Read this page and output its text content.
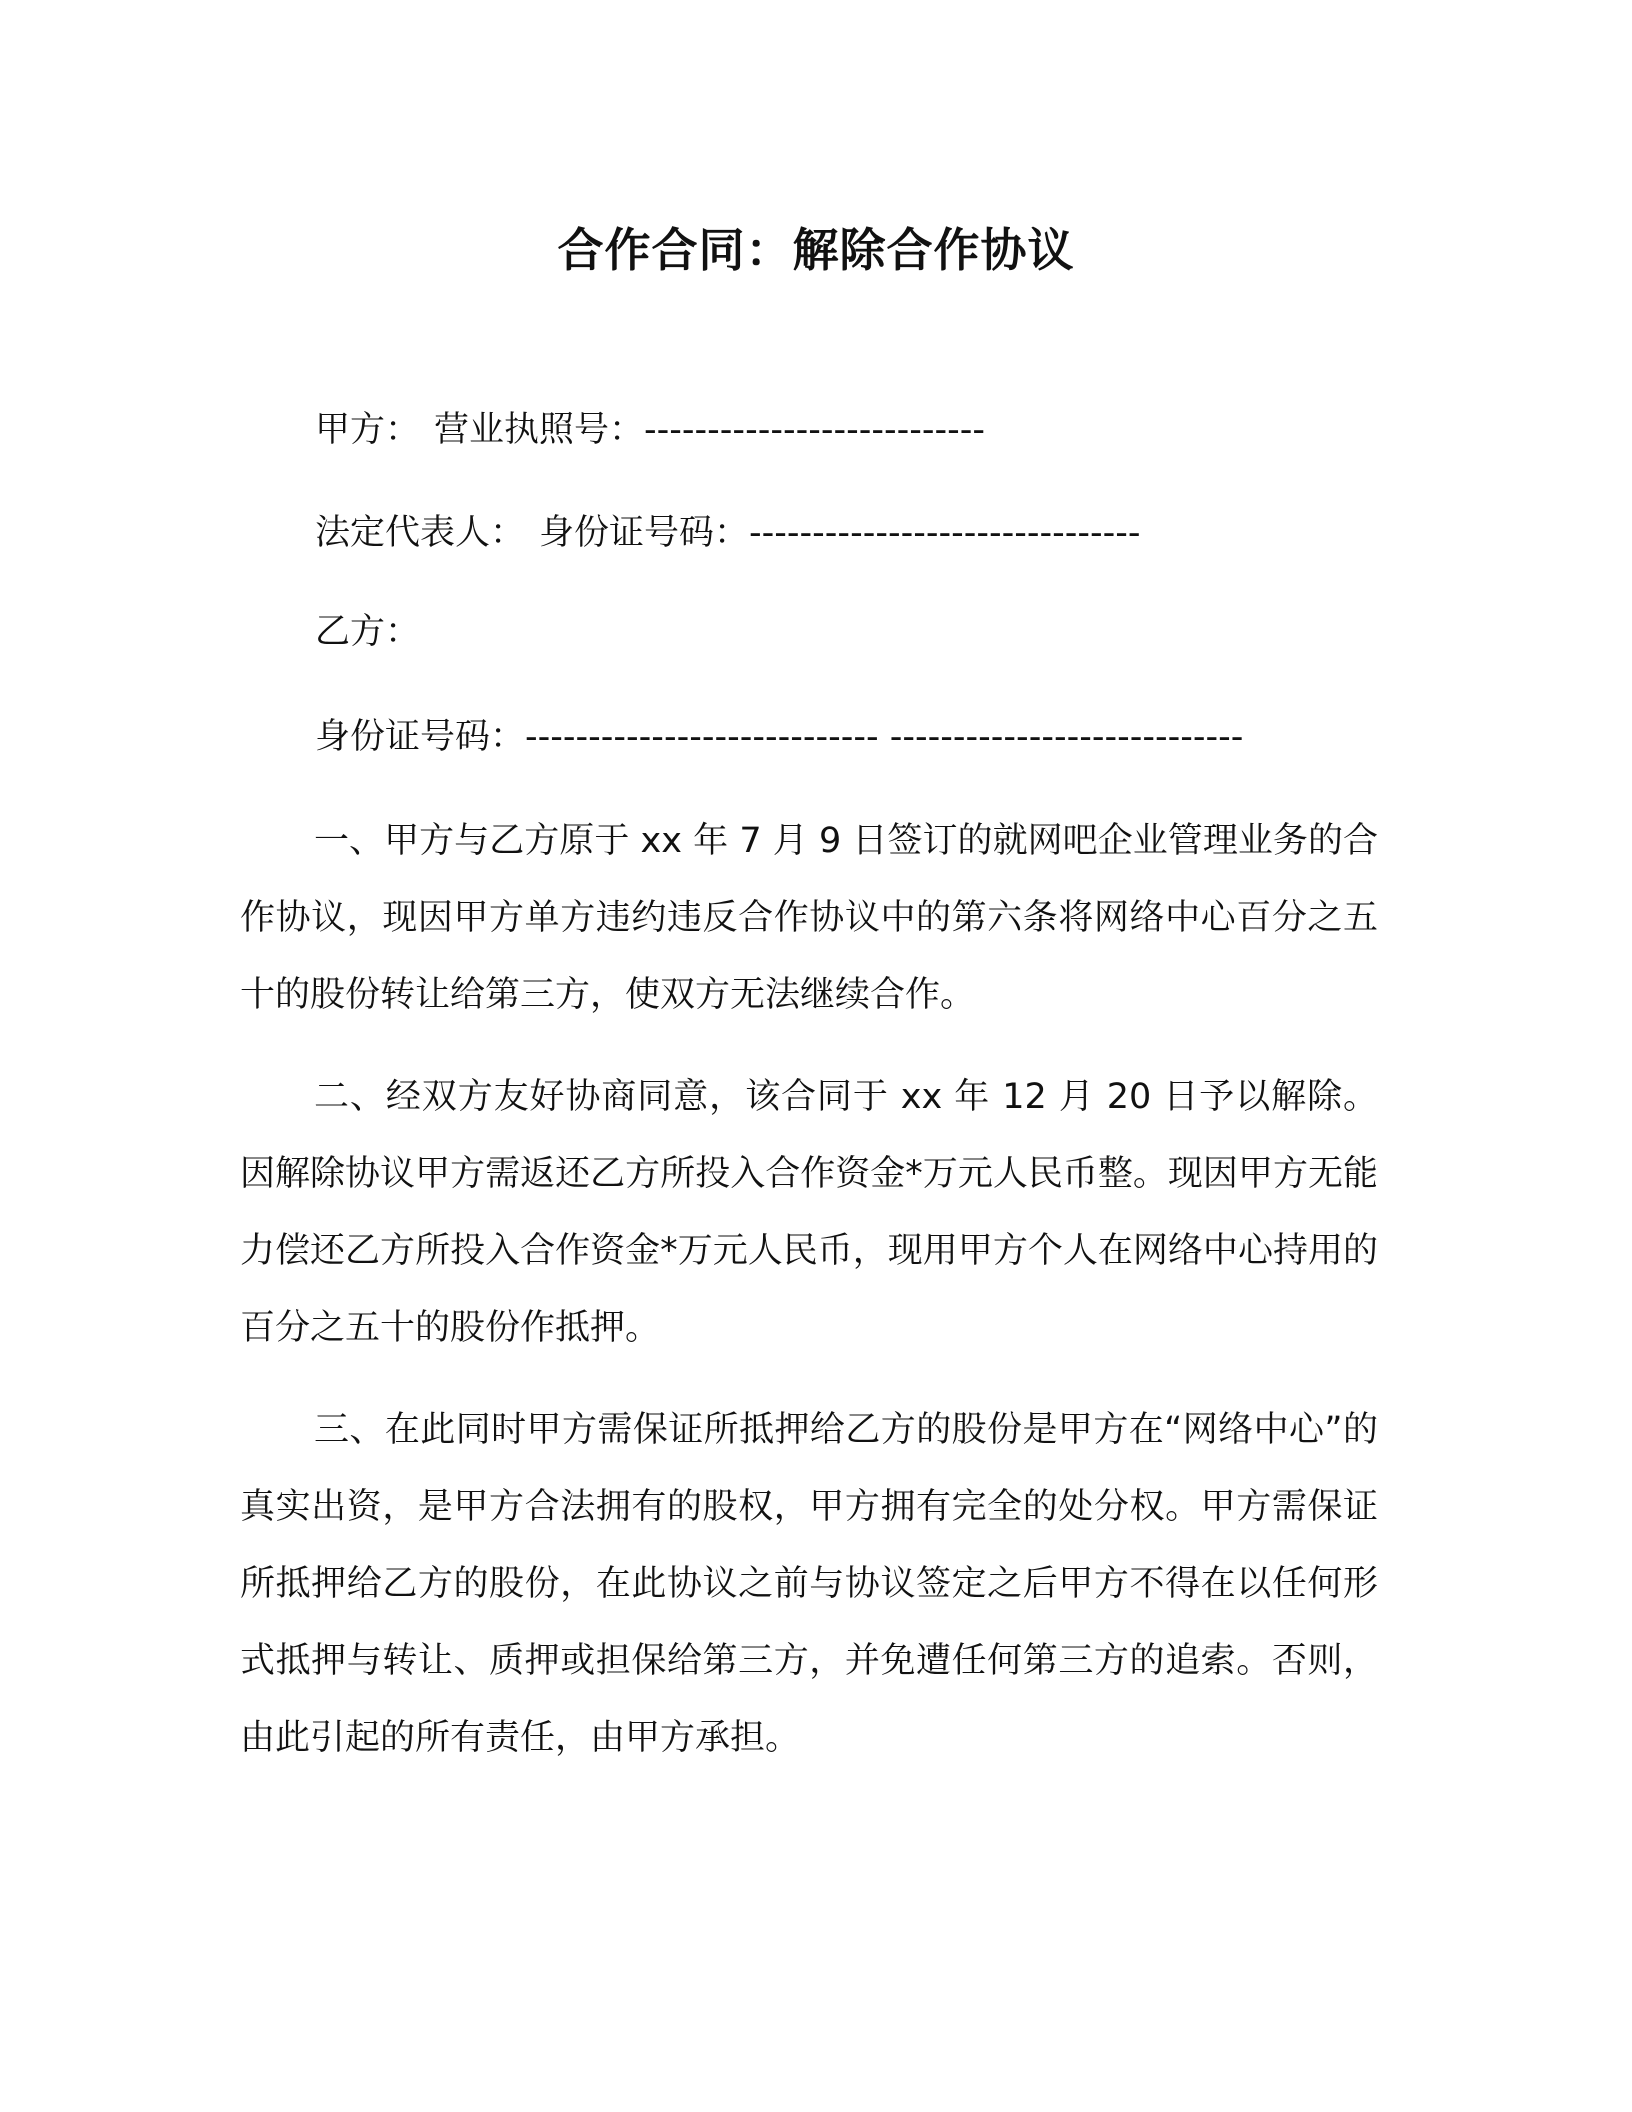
合作合同：解除合作协议
甲方： 营业执照号：---------------------------
法定代表人： 身份证号码：-------------------------------
乙方：
身份证号码：---------------------------- ----------------------------

一、甲方与乙方原于 xx 年 7 月 9 日签订的就网吧企业管理业务的合作协议，现因甲方单方违约违反合作协议中的第六条将网络中心百分之五十的股份转让给第三方，使双方无法继续合作。

二、经双方友好协商同意，该合同于 xx 年 12 月 20 日予以解除。因解除协议甲方需返还乙方所投入合作资金*万元人民币整。现因甲方无能力偿还乙方所投入合作资金*万元人民币，现用甲方个人在网络中心持用的百分之五十的股份作抵押。

三、在此同时甲方需保证所抵押给乙方的股份是甲方在“网络中心”的真实出资，是甲方合法拥有的股权，甲方拥有完全的处分权。甲方需保证所抵押给乙方的股份，在此协议之前与协议签定之后甲方不得在以任何形式抵押与转让、质押或担保给第三方，并免遭任何第三方的追索。否则，由此引起的所有责任，由甲方承担。
